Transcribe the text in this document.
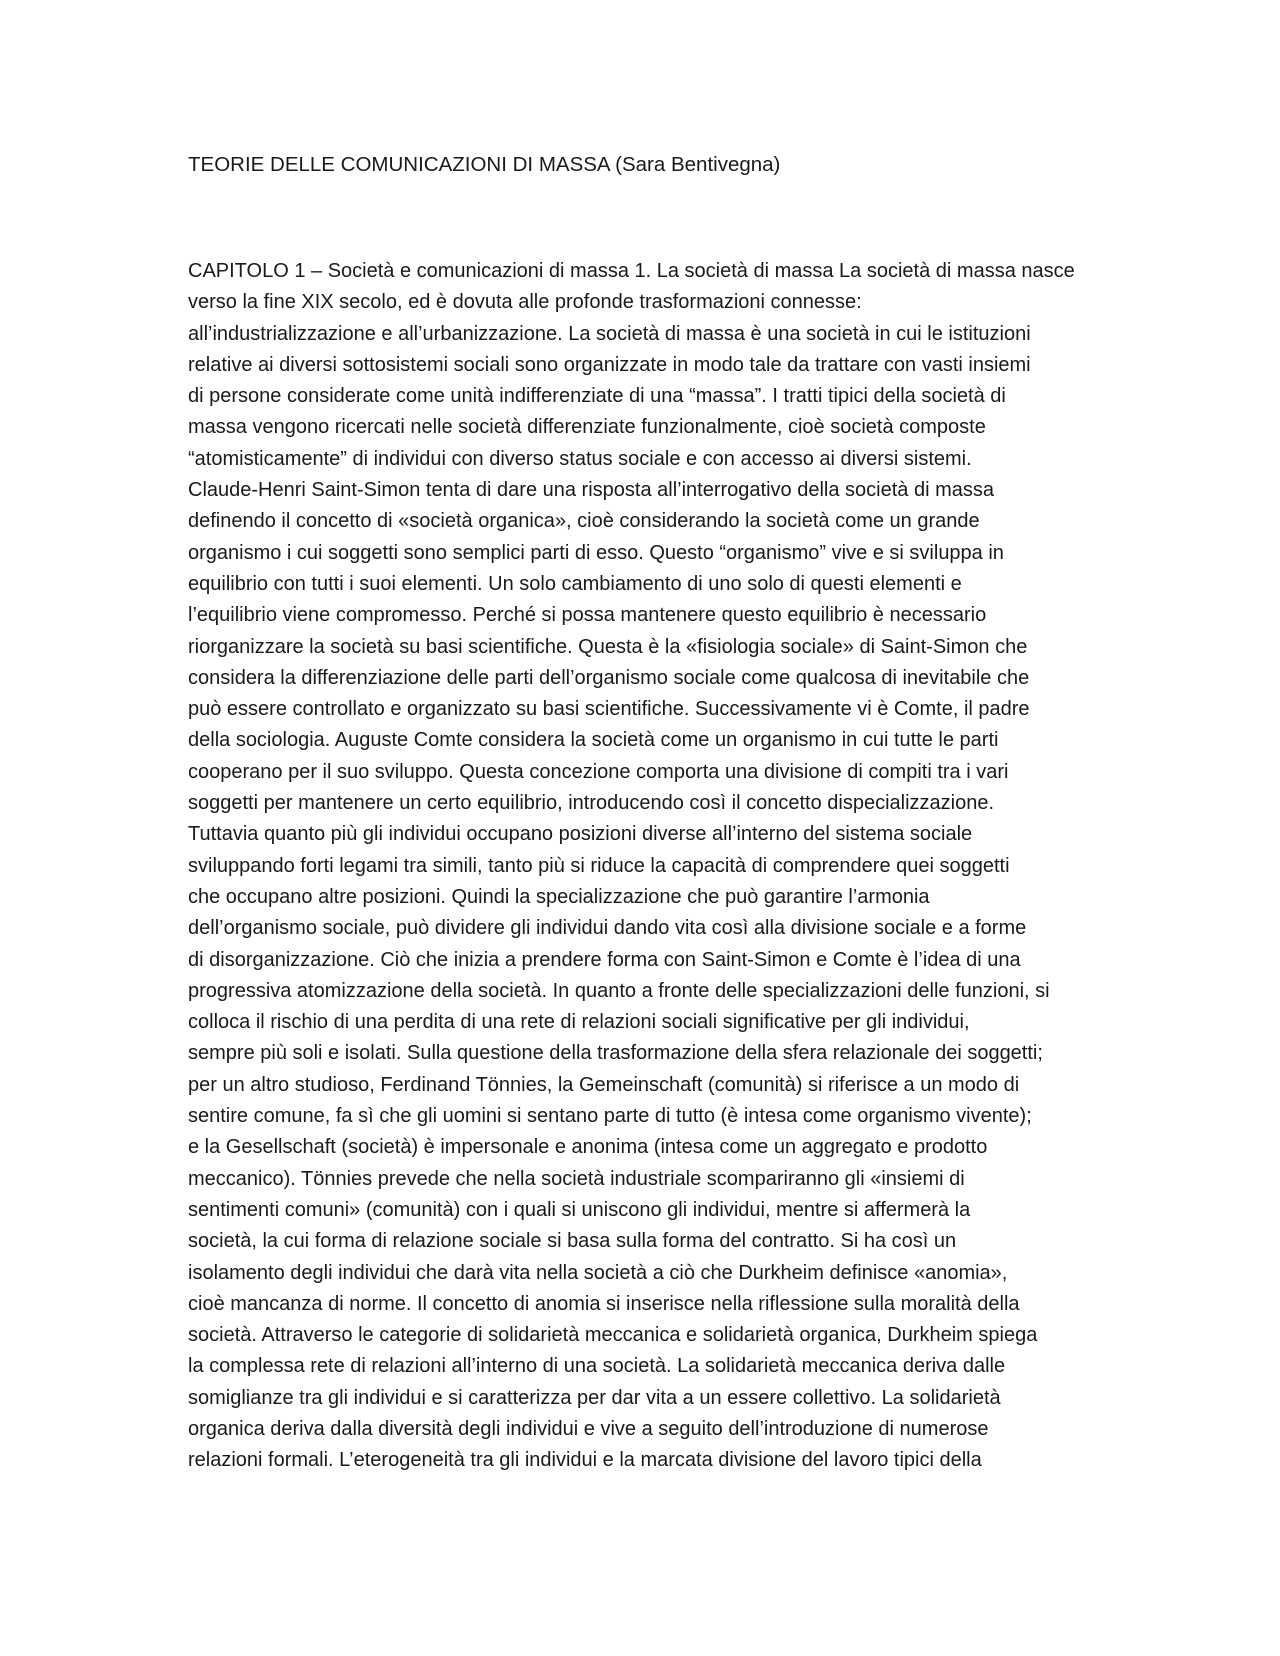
TEORIE DELLE COMUNICAZIONI DI MASSA (Sara Bentivegna)
CAPITOLO 1 – Società e comunicazioni di massa 1. La società di massa La società di massa nasce
verso la fine XIX secolo, ed è dovuta alle profonde trasformazioni connesse:
all’industrializzazione e all’urbanizzazione. La società di massa è una società in cui le istituzioni
relative ai diversi sottosistemi sociali sono organizzate in modo tale da trattare con vasti insiemi
di persone considerate come unità indifferenziate di una “massa”. I tratti tipici della società di
massa vengono ricercati nelle società differenziate funzionalmente, cioè società composte
“atomisticamente” di individui con diverso status sociale e con accesso ai diversi sistemi.
Claude-Henri Saint-Simon tenta di dare una risposta all’interrogativo della società di massa
definendo il concetto di «società organica», cioè considerando la società come un grande
organismo i cui soggetti sono semplici parti di esso. Questo “organismo” vive e si sviluppa in
equilibrio con tutti i suoi elementi. Un solo cambiamento di uno solo di questi elementi e
l’equilibrio viene compromesso. Perché si possa mantenere questo equilibrio è necessario
riorganizzare la società su basi scientifiche. Questa è la «fisiologia sociale» di Saint-Simon che
considera la differenziazione delle parti dell’organismo sociale come qualcosa di inevitabile che
può essere controllato e organizzato su basi scientifiche. Successivamente vi è Comte, il padre
della sociologia. Auguste Comte considera la società come un organismo in cui tutte le parti
cooperano per il suo sviluppo. Questa concezione comporta una divisione di compiti tra i vari
soggetti per mantenere un certo equilibrio, introducendo così il concetto dispecializzazione.
Tuttavia quanto più gli individui occupano posizioni diverse all’interno del sistema sociale
sviluppando forti legami tra simili, tanto più si riduce la capacità di comprendere quei soggetti
che occupano altre posizioni. Quindi la specializzazione che può garantire l’armonia
dell’organismo sociale, può dividere gli individui dando vita così alla divisione sociale e a forme
di disorganizzazione. Ciò che inizia a prendere forma con Saint-Simon e Comte è l’idea di una
progressiva atomizzazione della società. In quanto a fronte delle specializzazioni delle funzioni, si
colloca il rischio di una perdita di una rete di relazioni sociali significative per gli individui,
sempre più soli e isolati. Sulla questione della trasformazione della sfera relazionale dei soggetti;
per un altro studioso, Ferdinand Tönnies, la Gemeinschaft (comunità) si riferisce a un modo di
sentire comune, fa sì che gli uomini si sentano parte di tutto (è intesa come organismo vivente);
e la Gesellschaft (società) è impersonale e anonima (intesa come un aggregato e prodotto
meccanico). Tönnies prevede che nella società industriale scompariranno gli «insiemi di
sentimenti comuni» (comunità) con i quali si uniscono gli individui, mentre si affermerà la
società, la cui forma di relazione sociale si basa sulla forma del contratto. Si ha così un
isolamento degli individui che darà vita nella società a ciò che Durkheim definisce «anomia»,
cioè mancanza di norme. Il concetto di anomia si inserisce nella riflessione sulla moralità della
società. Attraverso le categorie di solidarietà meccanica e solidarietà organica, Durkheim spiega
la complessa rete di relazioni all’interno di una società. La solidarietà meccanica deriva dalle
somiglianze tra gli individui e si caratterizza per dar vita a un essere collettivo. La solidarietà
organica deriva dalla diversità degli individui e vive a seguito dell’introduzione di numerose
relazioni formali. L’eterogeneità tra gli individui e la marcata divisione del lavoro tipici della
